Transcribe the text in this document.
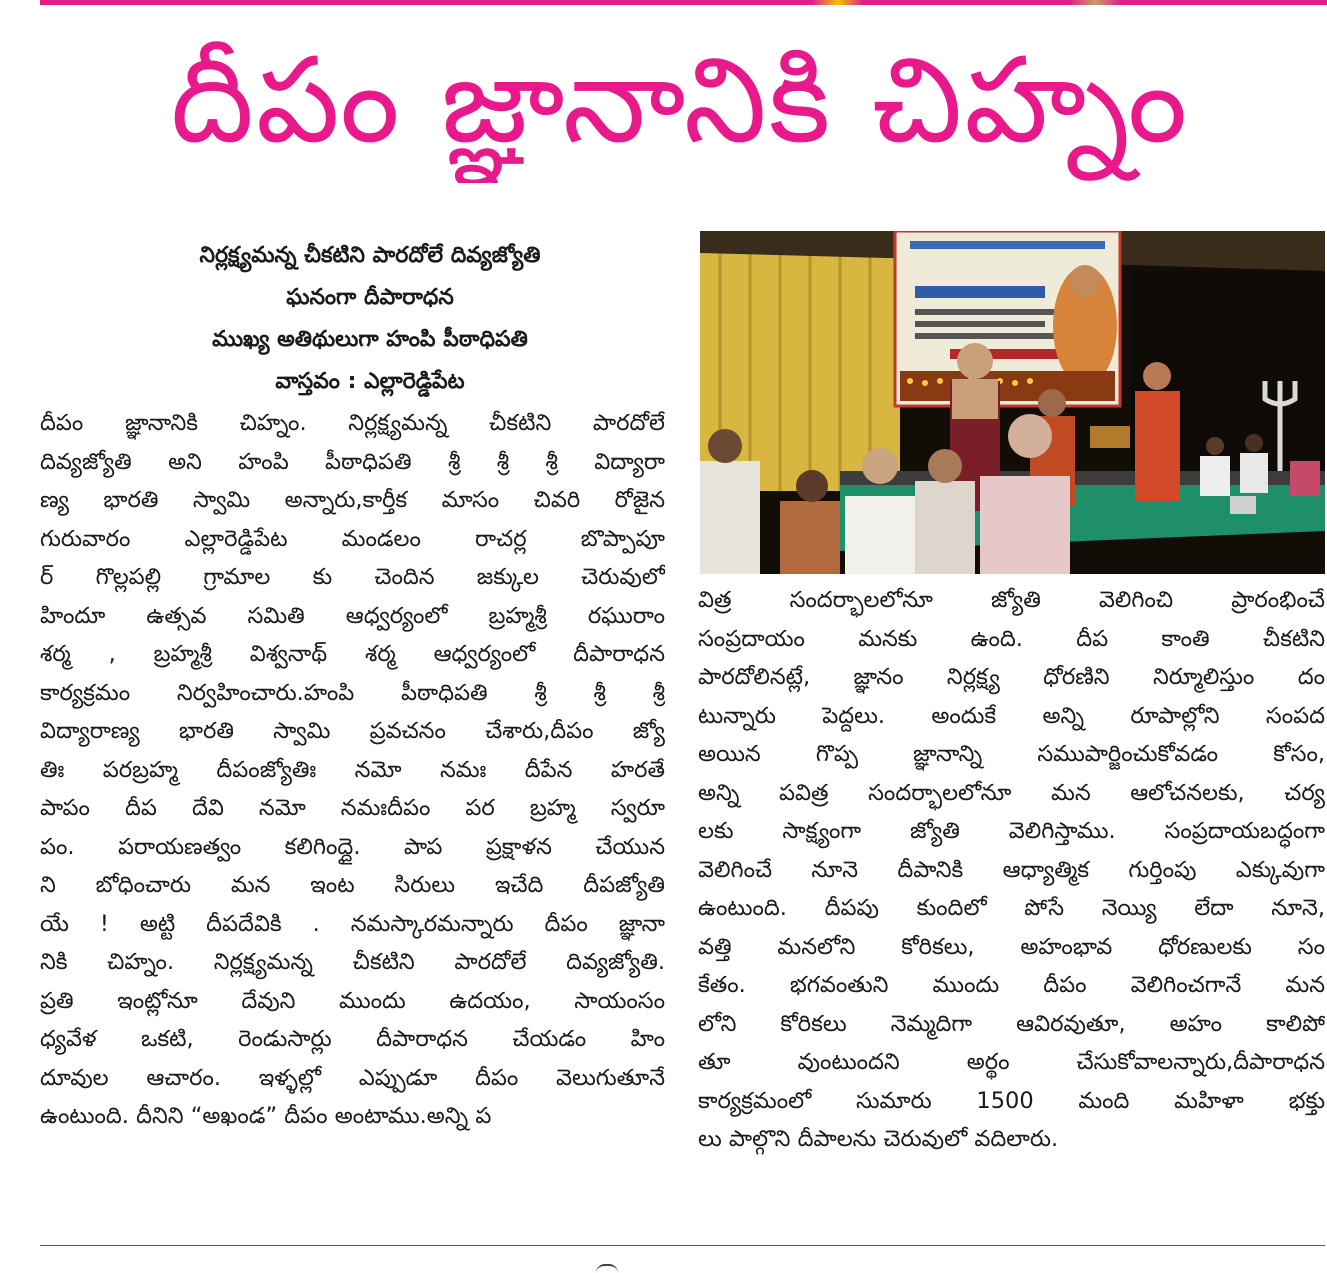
దీపం జ్ఞానానికి చిహ్నం
నిర్లక్ష్యమన్న చీకటిని పారదోలే దివ్యజ్యోతి
ఘనంగా దీపారాధన
ముఖ్య అతిథులుగా హంపి పీఠాధిపతి
వాస్తవం : ఎల్లారెడ్డిపేట
దీపం జ్ఞానానికి చిహ్నం. నిర్లక్ష్యమన్న చీకటిని పారదోలే
దివ్యజ్యోతి అని హంపి పీఠాధిపతి శ్రీ శ్రీ శ్రీ విద్యారా
ణ్య భారతి స్వామి అన్నారు,కార్తీక మాసం చివరి రోజైన
గురువారం ఎల్లారెడ్డిపేట మండలం రాచర్ల బొప్పాపూ
ర్ గొల్లపల్లి గ్రామాల కు చెందిన జక్కుల చెరువులో
హిందూ ఉత్సవ సమితి ఆధ్వర్యంలో బ్రహ్మశ్రీ రఘురాం
శర్మ , బ్రహ్మశ్రీ విశ్వనాథ్ శర్మ ఆధ్వర్యంలో దీపారాధన
కార్యక్రమం నిర్వహించారు.హంపి పీఠాధిపతి శ్రీ శ్రీ శ్రీ
విద్యారాణ్య భారతి స్వామి ప్రవచనం చేశారు,దీపం జ్యో
తిః పరబ్రహ్మ దీపంజ్యోతిః నమో నమః దీపేన హరతే
పాపం దీప దేవి నమో నమఃదీపం పర బ్రహ్మ స్వరూ
పం. పరాయణత్వం కలిగింద్దై. పాప ప్రక్షాళన చేయున
ని బోధించారు మన ఇంట సిరులు ఇచేది దీపజ్యోతి
యే ! అట్టి దీపదేవికి . నమస్కారమన్నారు దీపం జ్ఞానా
నికి చిహ్నం. నిర్లక్ష్యమన్న చీకటిని పారదోలే దివ్యజ్యోతి.
ప్రతి ఇంట్లోనూ దేవుని ముందు ఉదయం, సాయంసం
ధ్యవేళ ఒకటి, రెండుసార్లు దీపారాధన చేయడం హిం
దూవుల ఆచారం. ఇళ్ళల్లో ఎప్పుడూ దీపం వెలుగుతూనే
ఉంటుంది. దీనిని “అఖండ” దీపం అంటాము.అన్ని ప
విత్ర సందర్భాలలోనూ జ్యోతి వెలిగించి ప్రారంభించే
సంప్రదాయం మనకు ఉంది. దీప కాంతి చీకటిని
పారదోలినట్లే, జ్ఞానం నిర్లక్ష్య ధోరణిని నిర్మూలిస్తుం దం
టున్నారు పెద్దలు. అందుకే అన్ని రూపాల్లోని సంపద
అయిన గొప్ప జ్ఞానాన్ని సముపార్జించుకోవడం కోసం,
అన్ని పవిత్ర సందర్భాలలోనూ మన ఆలోచనలకు, చర్య
లకు సాక్ష్యంగా జ్యోతి వెలిగిస్తాము. సంప్రదాయబద్ధంగా
వెలిగించే నూనె దీపానికి ఆధ్యాత్మిక గుర్తింపు ఎక్కువుగా
ఉంటుంది. దీపపు కుందిలో పోసే నెయ్యి లేదా నూనె,
వత్తి మనలోని కోరికలు, అహంభావ ధోరణులకు సం
కేతం. భగవంతుని ముందు దీపం వెలిగించగానే మన
లోని కోరికలు నెమ్మదిగా ఆవిరవుతూ, అహం కాలిపో
తూ వుంటుందని అర్థం చేసుకోవాలన్నారు,దీపారాధన
కార్యక్రమంలో సుమారు 1500 మంది మహిళా భక్తు
లు పాల్గొని దీపాలను చెరువులో వదిలారు.
